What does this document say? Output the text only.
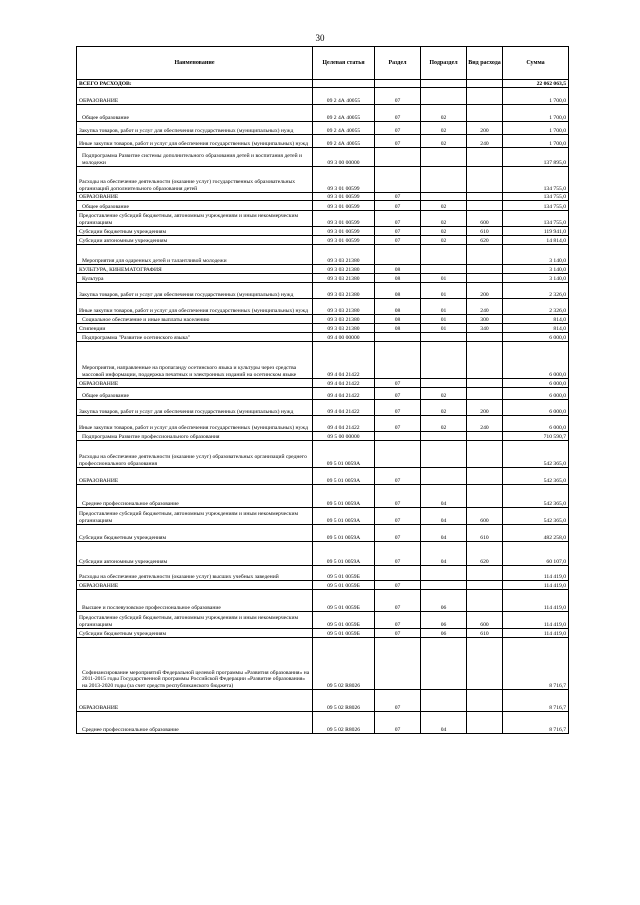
30
Наименование	Целевая статья	Раздел	Подраздел	Вид расхода	Сумма
ВСЕГО РАСХОДОВ:					22 062 063,5
ОБРАЗОВАНИЕ	09 2 4А 40055	07			1 700,0
Общее образование	09 2 4А 40055	07	02		1 700,0
Закупка товаров, работ и услуг для обеспечения государственных (муниципальных) нужд	09 2 4А 40055	07	02	200	1 700,0
Иные закупки товаров, работ и услуг для обеспечения государственных (муниципальных) нужд	09 2 4А 40055	07	02	240	1 700,0
Подпрограмма Развитие системы дополнительного образования детей и воспитания детей и молодежи	09 3 00 00000				137 895,0
Расходы на обеспечение деятельности (оказание услуг) государственных образовательных организаций дополнительного образования детей	09 3 01 00599				134 755,0
ОБРАЗОВАНИЕ	09 3 01 00599	07			134 755,0
Общее образование	09 3 01 00599	07	02		134 755,0
Предоставление субсидий бюджетным, автономным учреждениям и иным некоммерческим организациям	09 3 01 00599	07	02	600	134 755,0
Субсидии бюджетным учреждениям	09 3 01 00599	07	02	610	119 941,0
Субсидии автономным учреждениям	09 3 01 00599	07	02	620	14 814,0
Мероприятия для одаренных детей и талантливой молодежи	09 3 03 21380				3 140,0
КУЛЬТУРА, КИНЕМАТОГРАФИЯ	09 3 03 21380	08			3 140,0
Культура	09 3 03 21380	08	01		3 140,0
Закупка товаров, работ и услуг для обеспечения государственных (муниципальных) нужд	09 3 03 21380	08	01	200	2 326,0
Иные закупки товаров, работ и услуг для обеспечения государственных (муниципальных) нужд	09 3 03 21380	08	01	240	2 326,0
Социальное обеспечение и иные выплаты населению	09 3 03 21380	08	01	300	814,0
Стипендии	09 3 03 21380	08	01	340	814,0
Подпрограмма "Развитие осетинского языка"	09 4 00 00000				6 000,0
Мероприятия, направленные на пропаганду осетинского языка и культуры через средства массовой информации, поддержка печатных и электронных изданий на осетинском языке	09 4 04 21422				6 000,0
ОБРАЗОВАНИЕ	09 4 04 21422	07			6 000,0
Общее образование	09 4 04 21422	07	02		6 000,0
Закупка товаров, работ и услуг для обеспечения государственных (муниципальных) нужд	09 4 04 21422	07	02	200	6 000,0
Иные закупки товаров, работ и услуг для обеспечения государственных (муниципальных) нужд	09 4 04 21422	07	02	240	6 000,0
Подпрограмма Развитие профессионального образования	09 5 00 00000				710 590,7
Расходы на обеспечение деятельности (оказание услуг) образовательных организаций среднего профессионального образования	09 5 01 0059А				542 365,0
ОБРАЗОВАНИЕ	09 5 01 0059А	07			542 365,0
Среднее профессиональное образование	09 5 01 0059А	07	04		542 365,0
Предоставление субсидий бюджетным, автономным учреждениям и иным некоммерческим организациям	09 5 01 0059А	07	04	600	542 365,0
Субсидии бюджетным учреждениям	09 5 01 0059А	07	04	610	482 258,0
Субсидии автономным учреждениям	09 5 01 0059А	07	04	620	60 107,0
Расходы на обеспечение деятельности (оказание услуг) высших учебных заведений	09 5 01 0059Б				114 419,0
ОБРАЗОВАНИЕ	09 5 01 0059Б	07			114 419,0
Высшее и послевузовское профессиональное образование	09 5 01 0059Б	07	06		114 419,0
Предоставление субсидий бюджетным, автономным учреждениям и иным некоммерческим организациям	09 5 01 0059Б	07	06	600	114 419,0
Субсидии бюджетным учреждениям	09 5 01 0059Б	07	06	610	114 419,0
Софинансирование мероприятий Федеральной целевой программы «Развития образования» на 2011-2015 годы Государственной программы Российской Федерации «Развитие образования» на 2013-2020 годы (за счет средств республиканского бюджета)	09 5 02 R8026				8 716,7
ОБРАЗОВАНИЕ	09 5 02 R8026	07			8 716,7
Среднее профессиональное образование	09 5 02 R8026	07	04		8 716,7
